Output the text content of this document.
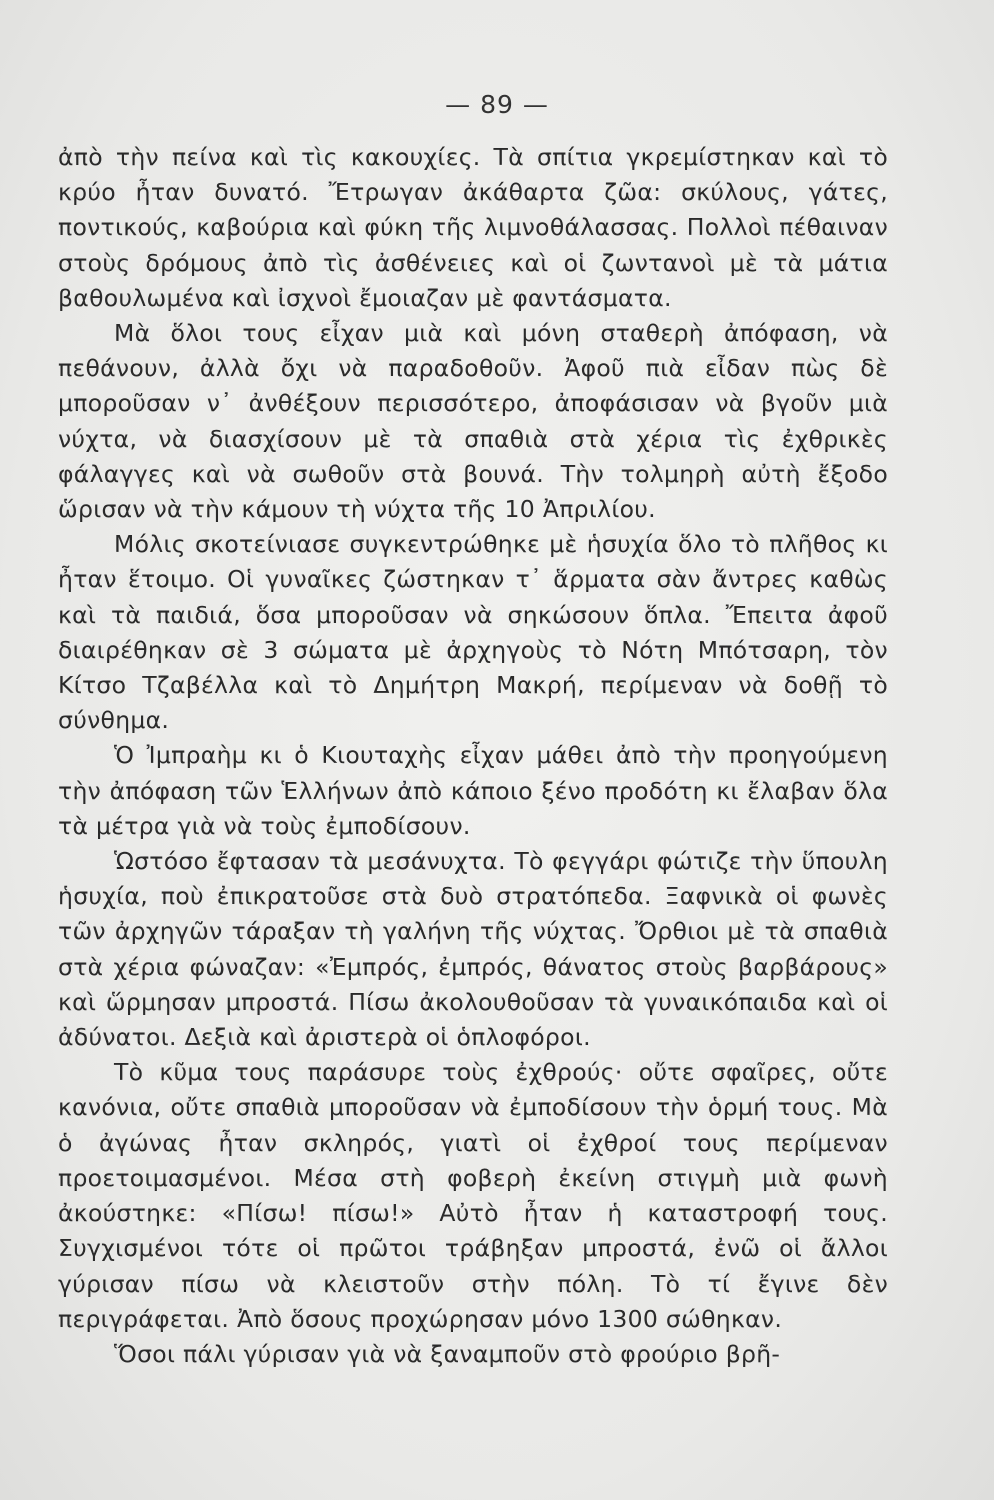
— 89 —

ἀπὸ τὴν πείνα καὶ τὶς κακουχίες. Τὰ σπίτια γκρεμίστηκαν καὶ τὸ κρύο ἦταν δυνατό. Ἔτρωγαν ἀκάθαρτα ζῶα: σκύλους, γάτες, ποντικούς, καβούρια καὶ φύκη τῆς λιμνοθάλασσας. Πολλοὶ πέθαιναν στοὺς δρόμους ἀπὸ τὶς ἀσθένειες καὶ οἱ ζωντανοὶ μὲ τὰ μάτια βαθουλωμένα καὶ ἰσχνοὶ ἔμοιαζαν μὲ φαντάσματα.

Μὰ ὅλοι τους εἶχαν μιὰ καὶ μόνη σταθερὴ ἀπόφαση, νὰ πεθάνουν, ἀλλὰ ὄχι νὰ παραδοθοῦν. Ἀφοῦ πιὰ εἶδαν πὼς δὲ μποροῦσαν ν᾽ ἀνθέξουν περισσότερο, ἀποφάσισαν νὰ βγοῦν μιὰ νύχτα, νὰ διασχίσουν μὲ τὰ σπαθιὰ στὰ χέρια τὶς ἐχθρικὲς φάλαγγες καὶ νὰ σωθοῦν στὰ βουνά. Τὴν τολμηρὴ αὐτὴ ἔξοδο ὥρισαν νὰ τὴν κάμουν τὴ νύχτα τῆς 10 Ἀπριλίου.

Μόλις σκοτείνιασε συγκεντρώθηκε μὲ ἡσυχία ὅλο τὸ πλῆθος κι ἦταν ἕτοιμο. Οἱ γυναῖκες ζώστηκαν τ᾽ ἅρματα σὰν ἄντρες καθὼς καὶ τὰ παιδιά, ὅσα μποροῦσαν νὰ σηκώσουν ὅπλα. Ἔπειτα ἀφοῦ διαιρέθηκαν σὲ 3 σώματα μὲ ἀρχηγοὺς τὸ Νότη Μπότσαρη, τὸν Κίτσο Τζαβέλλα καὶ τὸ Δημήτρη Μακρή, περίμεναν νὰ δοθῇ τὸ σύνθημα.

Ὁ Ἰμπραὴμ κι ὁ Κιουταχὴς εἶχαν μάθει ἀπὸ τὴν προηγούμενη τὴν ἀπόφαση τῶν Ἑλλήνων ἀπὸ κάποιο ξένο προδότη κι ἔλαβαν ὅλα τὰ μέτρα γιὰ νὰ τοὺς ἐμποδίσουν.

Ὡστόσο ἔφτασαν τὰ μεσάνυχτα. Τὸ φεγγάρι φώτιζε τὴν ὕπουλη ἡσυχία, ποὺ ἐπικρατοῦσε στὰ δυὸ στρατόπεδα. Ξαφνικὰ οἱ φωνὲς τῶν ἀρχηγῶν τάραξαν τὴ γαλήνη τῆς νύχτας. Ὄρθιοι μὲ τὰ σπαθιὰ στὰ χέρια φώναζαν: «Ἐμπρός, ἐμπρός, θάνατος στοὺς βαρβάρους» καὶ ὥρμησαν μπροστά. Πίσω ἀκολουθοῦσαν τὰ γυναικόπαιδα καὶ οἱ ἀδύνατοι. Δεξιὰ καὶ ἀριστερὰ οἱ ὁπλοφόροι.

Τὸ κῦμα τους παράσυρε τοὺς ἐχθρούς· οὔτε σφαῖρες, οὔτε κανόνια, οὔτε σπαθιὰ μποροῦσαν νὰ ἐμποδίσουν τὴν ὁρμή τους. Μὰ ὁ ἀγώνας ἦταν σκληρός, γιατὶ οἱ ἐχθροί τους περίμεναν προετοιμασμένοι. Μέσα στὴ φοβερὴ ἐκείνη στιγμὴ μιὰ φωνὴ ἀκούστηκε: «Πίσω! πίσω!» Αὐτὸ ἦταν ἡ καταστροφή τους. Συγχισμένοι τότε οἱ πρῶτοι τράβηξαν μπροστά, ἐνῶ οἱ ἄλλοι γύρισαν πίσω νὰ κλειστοῦν στὴν πόλη. Τὸ τί ἔγινε δὲν περιγράφεται. Ἀπὸ ὅσους προχώρησαν μόνο 1300 σώθηκαν.

Ὅσοι πάλι γύρισαν γιὰ νὰ ξαναμποῦν στὸ φρούριο βρῆ-
